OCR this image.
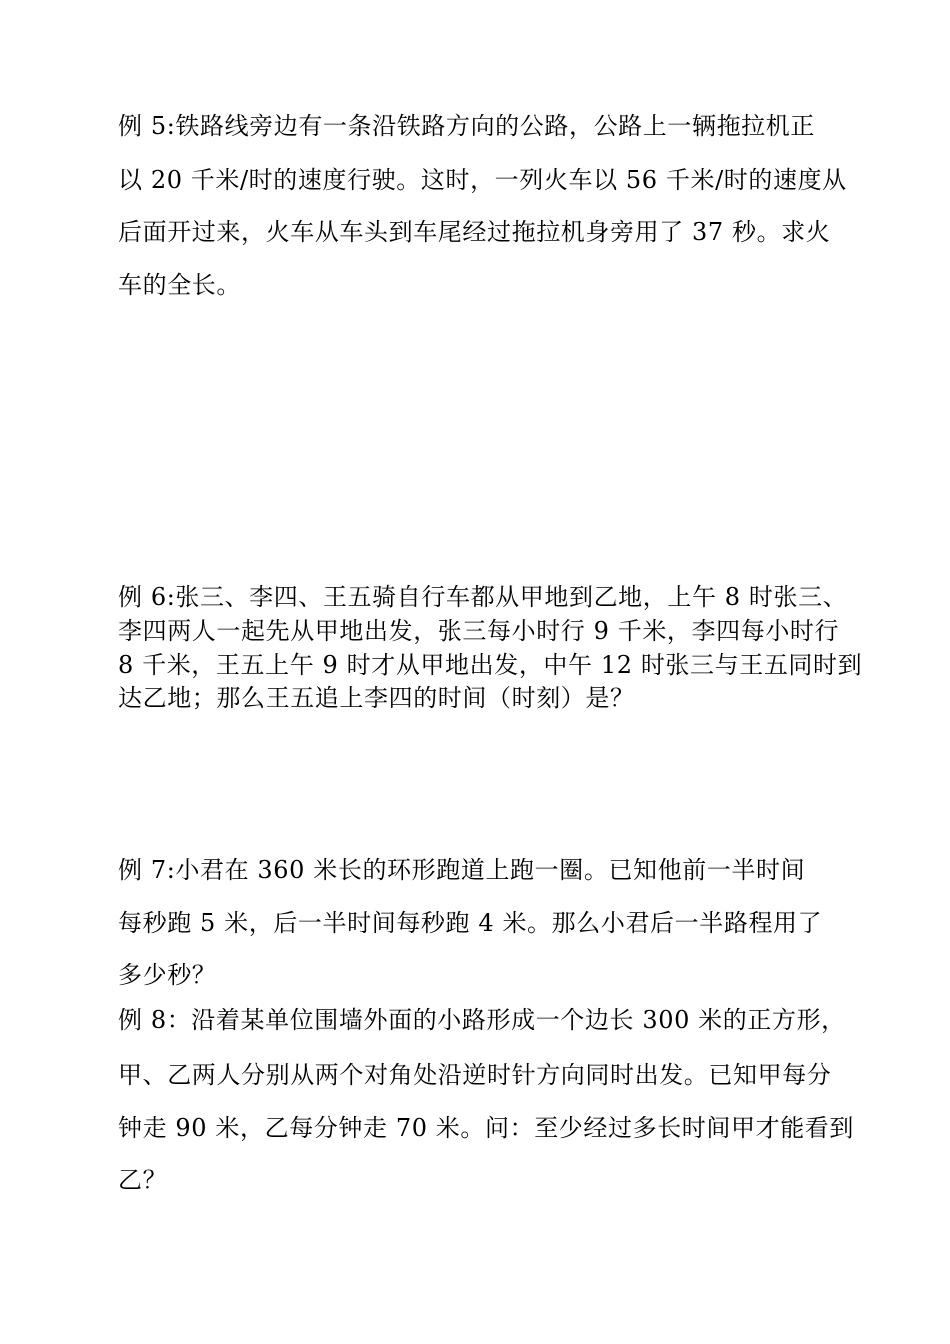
例 5:铁路线旁边有一条沿铁路方向的公路，公路上一辆拖拉机正
以 20 千米/时的速度行驶。这时，一列火车以 56 千米/时的速度从
后面开过来，火车从车头到车尾经过拖拉机身旁用了 37 秒。求火
车的全长。
例 6:张三、李四、王五骑自行车都从甲地到乙地，上午 8 时张三、
李四两人一起先从甲地出发，张三每小时行 9 千米，李四每小时行
8 千米，王五上午 9 时才从甲地出发，中午 12 时张三与王五同时到
达乙地；那么王五追上李四的时间（时刻）是？
例 7:小君在 360 米长的环形跑道上跑一圈。已知他前一半时间
每秒跑 5 米，后一半时间每秒跑 4 米。那么小君后一半路程用了
多少秒？
例 8：沿着某单位围墙外面的小路形成一个边长 300 米的正方形，
甲、乙两人分别从两个对角处沿逆时针方向同时出发。已知甲每分
钟走 90 米，乙每分钟走 70 米。问：至少经过多长时间甲才能看到
乙？
